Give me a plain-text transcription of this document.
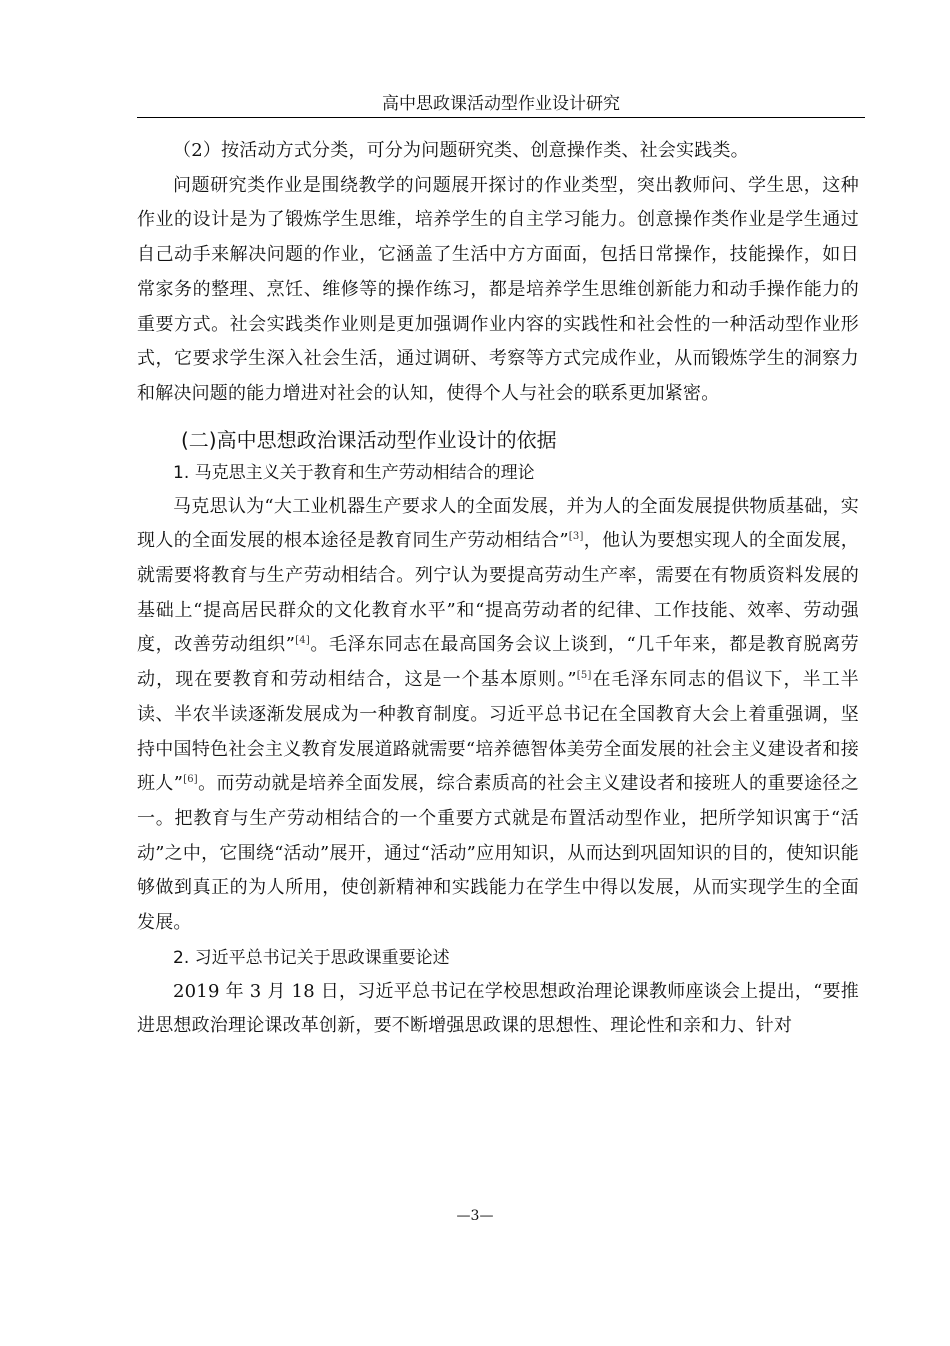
高中思政课活动型作业设计研究

（2）按活动方式分类，可分为问题研究类、创意操作类、社会实践类。

问题研究类作业是围绕教学的问题展开探讨的作业类型，突出教师问、学生思，这种作业的设计是为了锻炼学生思维，培养学生的自主学习能力。创意操作类作业是学生通过自己动手来解决问题的作业，它涵盖了生活中方方面面，包括日常操作，技能操作，如日常家务的整理、烹饪、维修等的操作练习，都是培养学生思维创新能力和动手操作能力的重要方式。社会实践类作业则是更加强调作业内容的实践性和社会性的一种活动型作业形式，它要求学生深入社会生活，通过调研、考察等方式完成作业，从而锻炼学生的洞察力和解决问题的能力增进对社会的认知，使得个人与社会的联系更加紧密。

(二)高中思想政治课活动型作业设计的依据
1. 马克思主义关于教育和生产劳动相结合的理论

马克思认为“大工业机器生产要求人的全面发展，并为人的全面发展提供物质基础，实现人的全面发展的根本途径是教育同生产劳动相结合”[3]，他认为要想实现人的全面发展，就需要将教育与生产劳动相结合。列宁认为要提高劳动生产率，需要在有物质资料发展的基础上“提高居民群众的文化教育水平”和“提高劳动者的纪律、工作技能、效率、劳动强度，改善劳动组织”[4]。毛泽东同志在最高国务会议上谈到，“几千年来，都是教育脱离劳动，现在要教育和劳动相结合，这是一个基本原则。”[5]在毛泽东同志的倡议下，半工半读、半农半读逐渐发展成为一种教育制度。习近平总书记在全国教育大会上着重强调，坚持中国特色社会主义教育发展道路就需要“培养德智体美劳全面发展的社会主义建设者和接班人”[6]。而劳动就是培养全面发展，综合素质高的社会主义建设者和接班人的重要途径之一。把教育与生产劳动相结合的一个重要方式就是布置活动型作业，把所学知识寓于“活动”之中，它围绕“活动”展开，通过“活动”应用知识，从而达到巩固知识的目的，使知识能够做到真正的为人所用，使创新精神和实践能力在学生中得以发展，从而实现学生的全面发展。

2. 习近平总书记关于思政课重要论述

2019 年 3 月 18 日，习近平总书记在学校思想政治理论课教师座谈会上提出，“要推进思想政治理论课改革创新，要不断增强思政课的思想性、理论性和亲和力、针对

—3—
